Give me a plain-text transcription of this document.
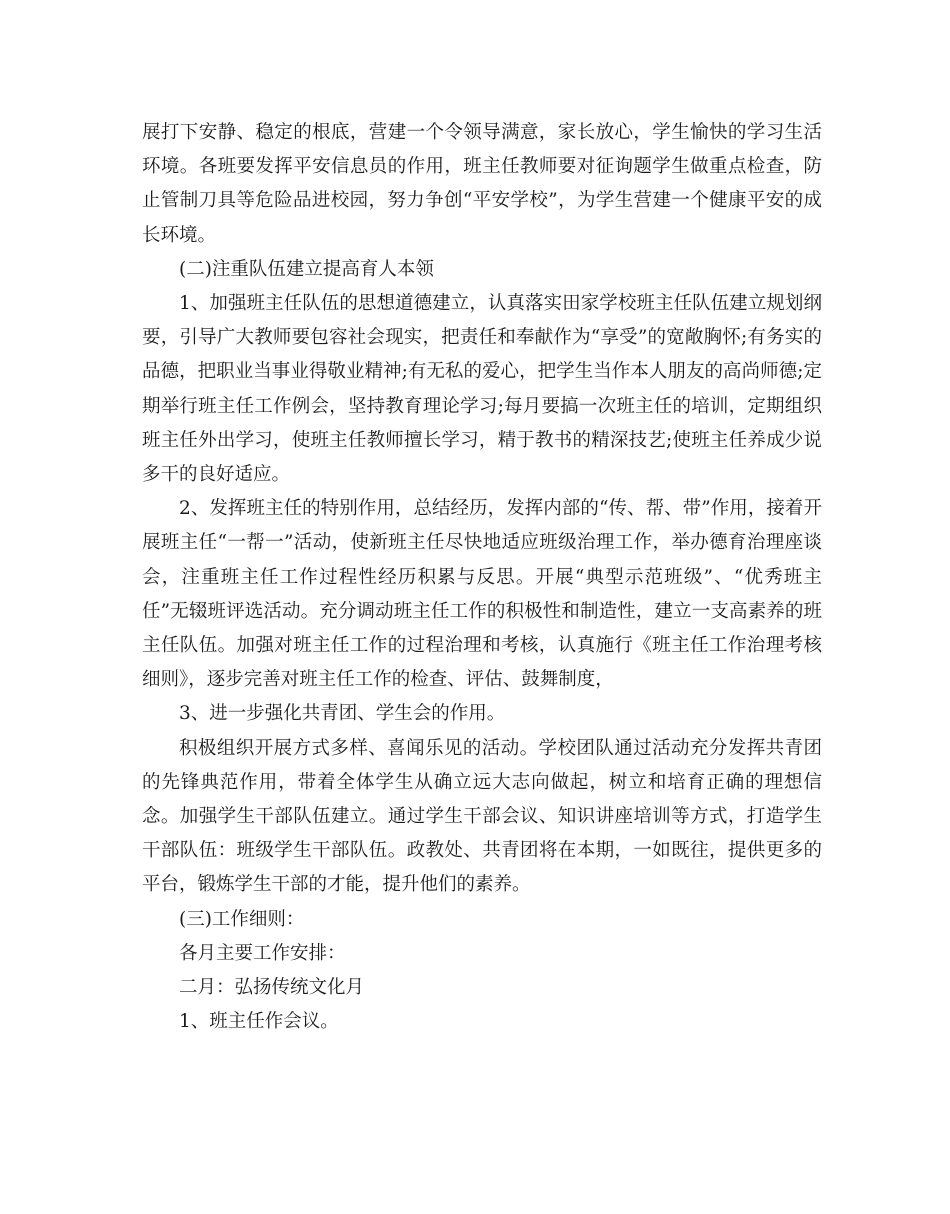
展打下安静、稳定的根底，营建一个令领导满意，家长放心，学生愉快的学习生活环境。各班要发挥平安信息员的作用，班主任教师要对征询题学生做重点检查，防止管制刀具等危险品进校园，努力争创“平安学校”，为学生营建一个健康平安的成长环境。

(二)注重队伍建立提高育人本领

1、加强班主任队伍的思想道德建立，认真落实田家学校班主任队伍建立规划纲要，引导广大教师要包容社会现实，把责任和奉献作为“享受”的宽敞胸怀;有务实的品德，把职业当事业得敬业精神;有无私的爱心，把学生当作本人朋友的高尚师德;定期举行班主任工作例会，坚持教育理论学习;每月要搞一次班主任的培训，定期组织班主任外出学习，使班主任教师擅长学习，精于教书的精深技艺;使班主任养成少说多干的良好适应。

2、发挥班主任的特别作用，总结经历，发挥内部的“传、帮、带”作用，接着开展班主任“一帮一”活动，使新班主任尽快地适应班级治理工作，举办德育治理座谈会，注重班主任工作过程性经历积累与反思。开展“典型示范班级”、“优秀班主任”无辍班评选活动。充分调动班主任工作的积极性和制造性，建立一支高素养的班主任队伍。加强对班主任工作的过程治理和考核，认真施行《班主任工作治理考核细则》，逐步完善对班主任工作的检查、评估、鼓舞制度，

3、进一步强化共青团、学生会的作用。

积极组织开展方式多样、喜闻乐见的活动。学校团队通过活动充分发挥共青团的先锋典范作用，带着全体学生从确立远大志向做起，树立和培育正确的理想信念。加强学生干部队伍建立。通过学生干部会议、知识讲座培训等方式，打造学生干部队伍：班级学生干部队伍。政教处、共青团将在本期，一如既往，提供更多的平台，锻炼学生干部的才能，提升他们的素养。

(三)工作细则：

各月主要工作安排：

二月：弘扬传统文化月

1、班主任作会议。
